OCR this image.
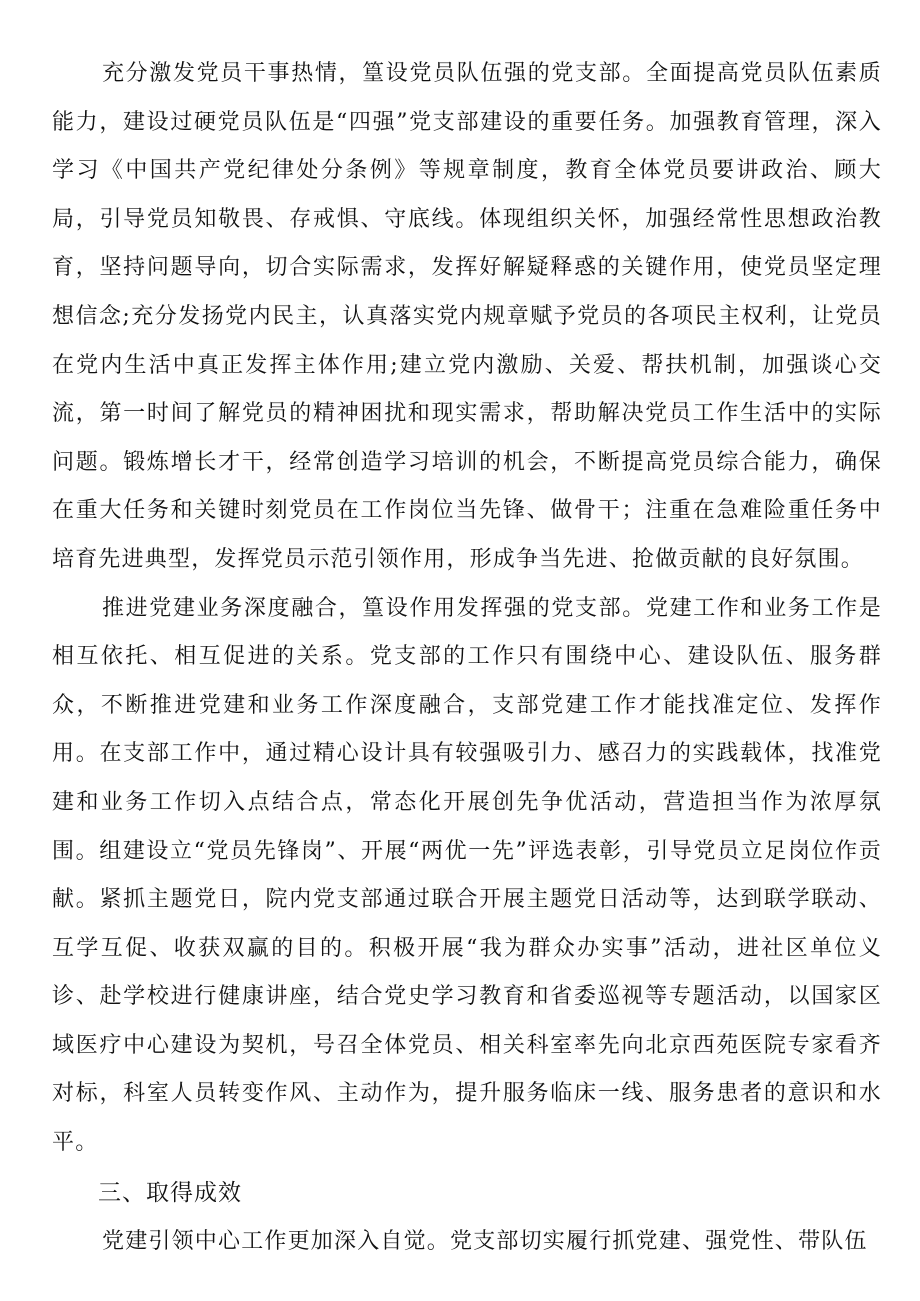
充分激发党员干事热情，篁设党员队伍强的党支部。全面提高党员队伍素质能力，建设过硬党员队伍是“四强”党支部建设的重要任务。加强教育管理，深入学习《中国共产党纪律处分条例》等规章制度，教育全体党员要讲政治、顾大局，引导党员知敬畏、存戒惧、守底线。体现组织关怀，加强经常性思想政治教育，坚持问题导向，切合实际需求，发挥好解疑释惑的关键作用，使党员坚定理想信念;充分发扬党内民主，认真落实党内规章赋予党员的各项民主权利，让党员在党内生活中真正发挥主体作用;建立党内激励、关爱、帮扶机制，加强谈心交流，第一时间了解党员的精神困扰和现实需求，帮助解决党员工作生活中的实际问题。锻炼增长才干，经常创造学习培训的机会，不断提高党员综合能力，确保在重大任务和关键时刻党员在工作岗位当先锋、做骨干；注重在急难险重任务中培育先进典型，发挥党员示范引领作用，形成争当先进、抢做贡献的良好氛围。

推进党建业务深度融合，篁设作用发挥强的党支部。党建工作和业务工作是相互依托、相互促进的关系。党支部的工作只有围绕中心、建设队伍、服务群众，不断推进党建和业务工作深度融合，支部党建工作才能找准定位、发挥作用。在支部工作中，通过精心设计具有较强吸引力、感召力的实践载体，找准党建和业务工作切入点结合点，常态化开展创先争优活动，营造担当作为浓厚氛围。组建设立“党员先锋岗”、开展“两优一先”评选表彰，引导党员立足岗位作贡献。紧抓主题党日，院内党支部通过联合开展主题党日活动等，达到联学联动、互学互促、收获双赢的目的。积极开展“我为群众办实事”活动，进社区单位义诊、赴学校进行健康讲座，结合党史学习教育和省委巡视等专题活动，以国家区域医疗中心建设为契机，号召全体党员、相关科室率先向北京西苑医院专家看齐对标，科室人员转变作风、主动作为，提升服务临床一线、服务患者的意识和水平。

三、取得成效

党建引领中心工作更加深入自觉。党支部切实履行抓党建、强党性、带队伍
